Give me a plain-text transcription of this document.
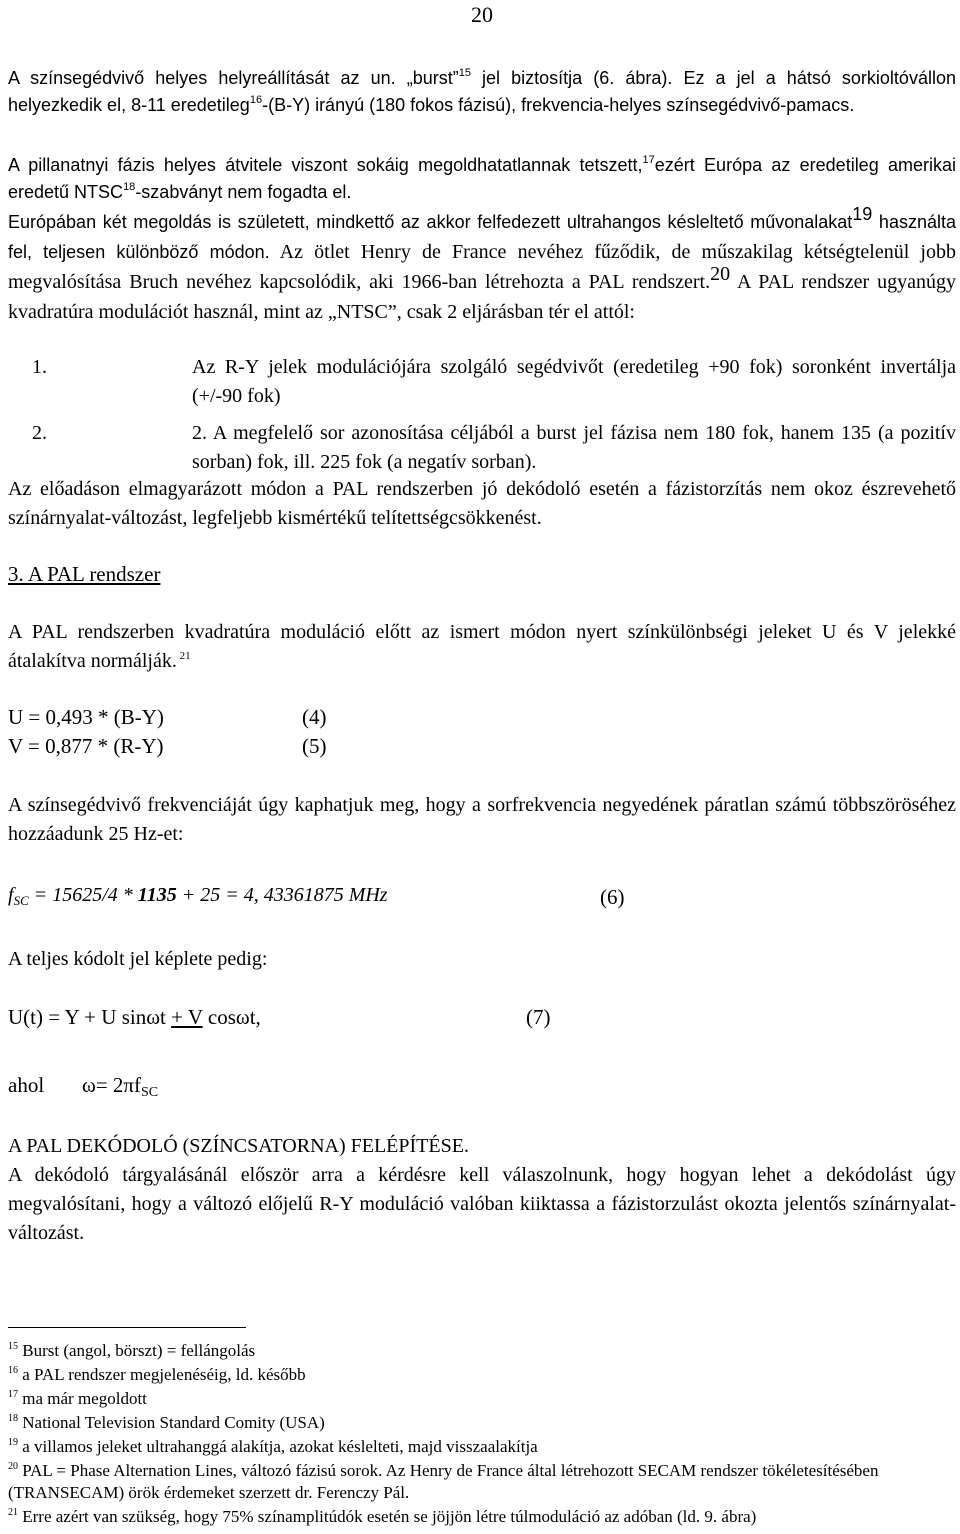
20
A színsegédvivő helyes helyreállítását az un. „burst”$^{15}$ jel biztosítja (6. ábra). Ez a jel a hátsó sorkioltóvállon helyezkedik el, 8-11 eredetileg$^{16}$-(B-Y) irányú (180 fokos fázisú), frekvencia-helyes színsegédvivő-pamacs.
A pillanatnyi fázis helyes átvitele viszont sokáig megoldhatatlannak tetszett,$^{17}$ezért Európa az eredetileg amerikai eredetű NTSC$^{18}$-szabványt nem fogadta el.
Európában két megoldás is született, mindkettő az akkor felfedezett ultrahangos késleltető művonalakat$^{19}$ használta fel, teljesen különböző módon. Az ötlet Henry de France nevéhez fűződik, de műszakilag kétségtelenül jobb megvalósítása Bruch nevéhez kapcsolódik, aki 1966-ban létrehozta a PAL rendszert.$^{20}$ A PAL rendszer ugyanúgy kvadratúra modulációt használ, mint az „NTSC”, csak 2 eljárásban tér el attól:
1.	Az R-Y jelek modulációjára szolgáló segédvivőt (eredetileg +90 fok) soronként invertálja (+/-90 fok)
2.	2. A megfelelő sor azonosítása céljából a burst jel fázisa nem 180 fok, hanem 135 (a pozitív sorban) fok, ill. 225 fok (a negatív sorban).
Az előadáson elmagyarázott módon a PAL rendszerben jó dekódoló esetén a fázistorzítás nem okoz észrevehető színárnyalat-változást, legfeljebb kismértékű telítettségcsökkenést.
3. A PAL rendszer
A PAL rendszerben kvadratúra moduláció előtt az ismert módon nyert színkülönbségi jeleket U és V jelekké átalakítva normálják. $^{21}$
U = 0,493 * (B-Y)	(4)
V = 0,877 * (R-Y)	(5)
A színsegédvivő frekvenciáját úgy kaphatjuk meg, hogy a sorfrekvencia negyedének páratlan számú többszöröséhez hozzáadunk 25 Hz-et:
$f_{SC} = 15625/4 * 1135 + 25 = 4$, 43361875 MHz	(6)
A teljes kódolt jel képlete pedig:
U(t) = Y + U sinωt + V cosωt,	(7)
ahol ω= 2πfSC
A PAL DEKÓDOLÓ (SZÍNCSATORNA) FELÉPÍTÉSE.
A dekódoló tárgyalásánál először arra a kérdésre kell válaszolnunk, hogy hogyan lehet a dekódolást úgy megvalósítani, hogy a változó előjelű R-Y moduláció valóban kiiktassa a fázistorzulást okozta jelentős színárnyalat-változást.
$^{15}$ Burst (angol, börszt) = fellángolás
$^{16}$ a PAL rendszer megjelenéséig, ld. később
$^{17}$ ma már megoldott
$^{18}$ National Television Standard Comity (USA)
$^{19}$ a villamos jeleket ultrahanggá alakítja, azokat késlelteti, majd visszaalakítja
$^{20}$ PAL = Phase Alternation Lines, változó fázisú sorok. Az Henry de France által létrehozott SECAM rendszer tökéletesítésében (TRANSECAM) örök érdemeket szerzett dr. Ferenczy Pál.
$^{21}$ Erre azért van szükség, hogy 75% színamplitúdók esetén se jöjjön létre túlmoduláció az adóban (ld. 9. ábra)
